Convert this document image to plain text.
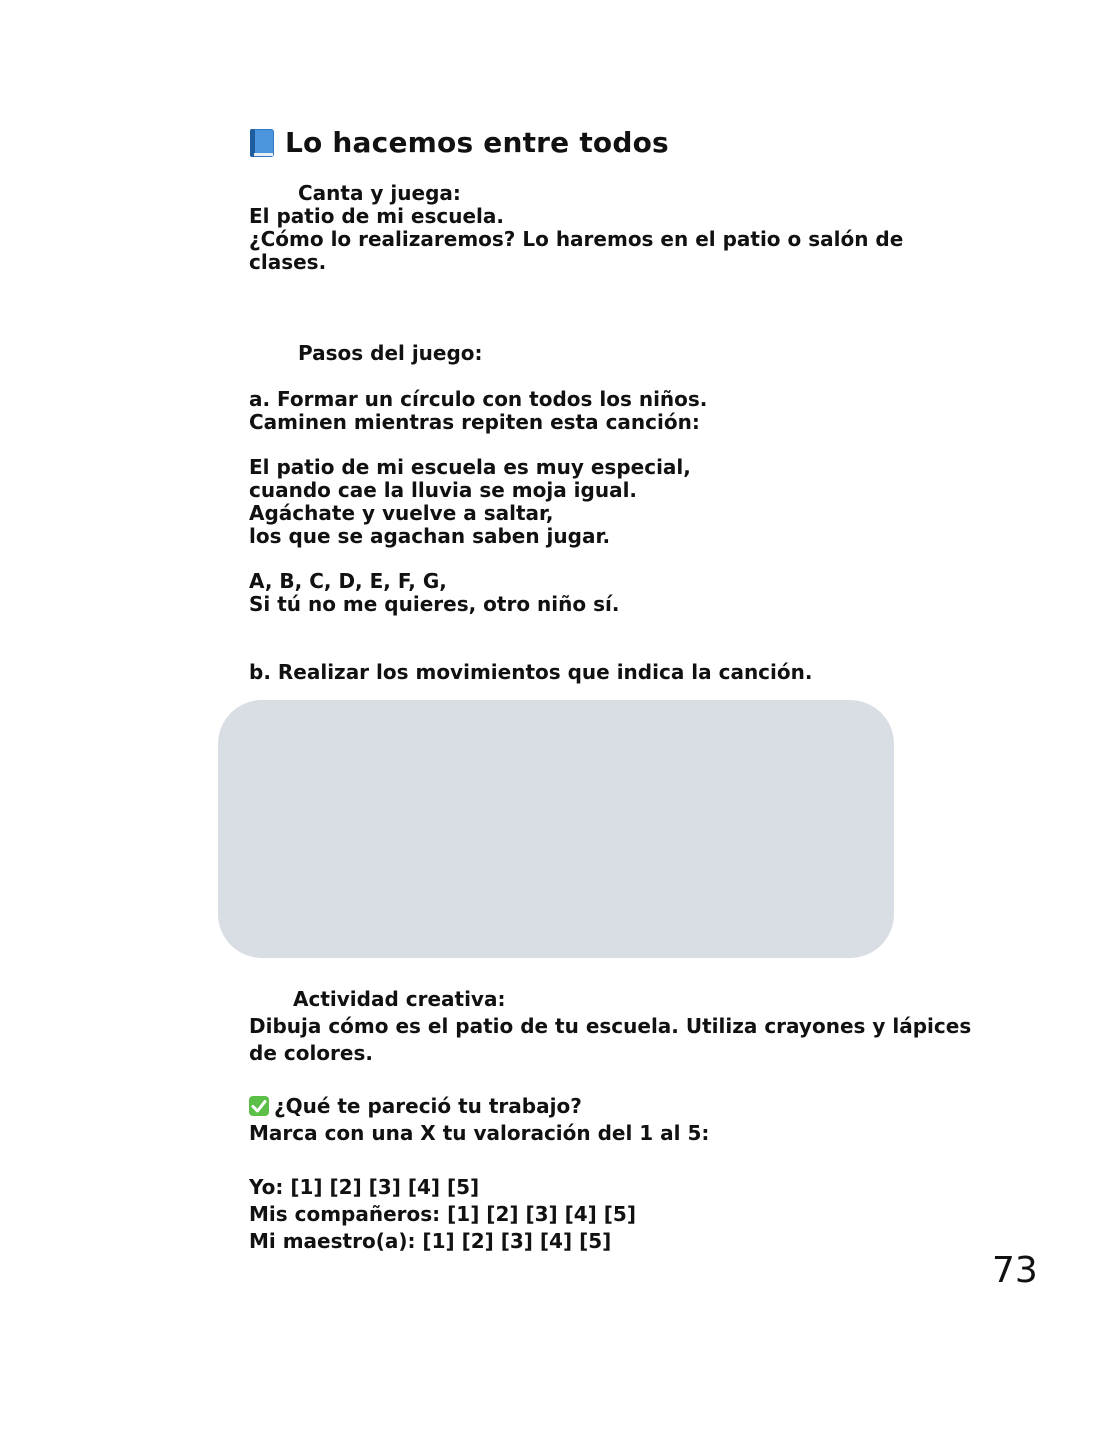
Lo hacemos entre todos
Canta y juega:
El patio de mi escuela.
¿Cómo lo realizaremos? Lo haremos en el patio o salón de
clases.
Pasos del juego:
a. Formar un círculo con todos los niños.
Caminen mientras repiten esta canción:
El patio de mi escuela es muy especial,
cuando cae la lluvia se moja igual.
Agáchate y vuelve a saltar,
los que se agachan saben jugar.
A, B, C, D, E, F, G,
Si tú no me quieres, otro niño sí.
b. Realizar los movimientos que indica la canción.
Actividad creativa:
Dibuja cómo es el patio de tu escuela. Utiliza crayones y lápices
de colores.
¿Qué te pareció tu trabajo?
Marca con una X tu valoración del 1 al 5:
Yo: [1] [2] [3] [4] [5]
Mis compañeros: [1] [2] [3] [4] [5]
Mi maestro(a): [1] [2] [3] [4] [5]
73
